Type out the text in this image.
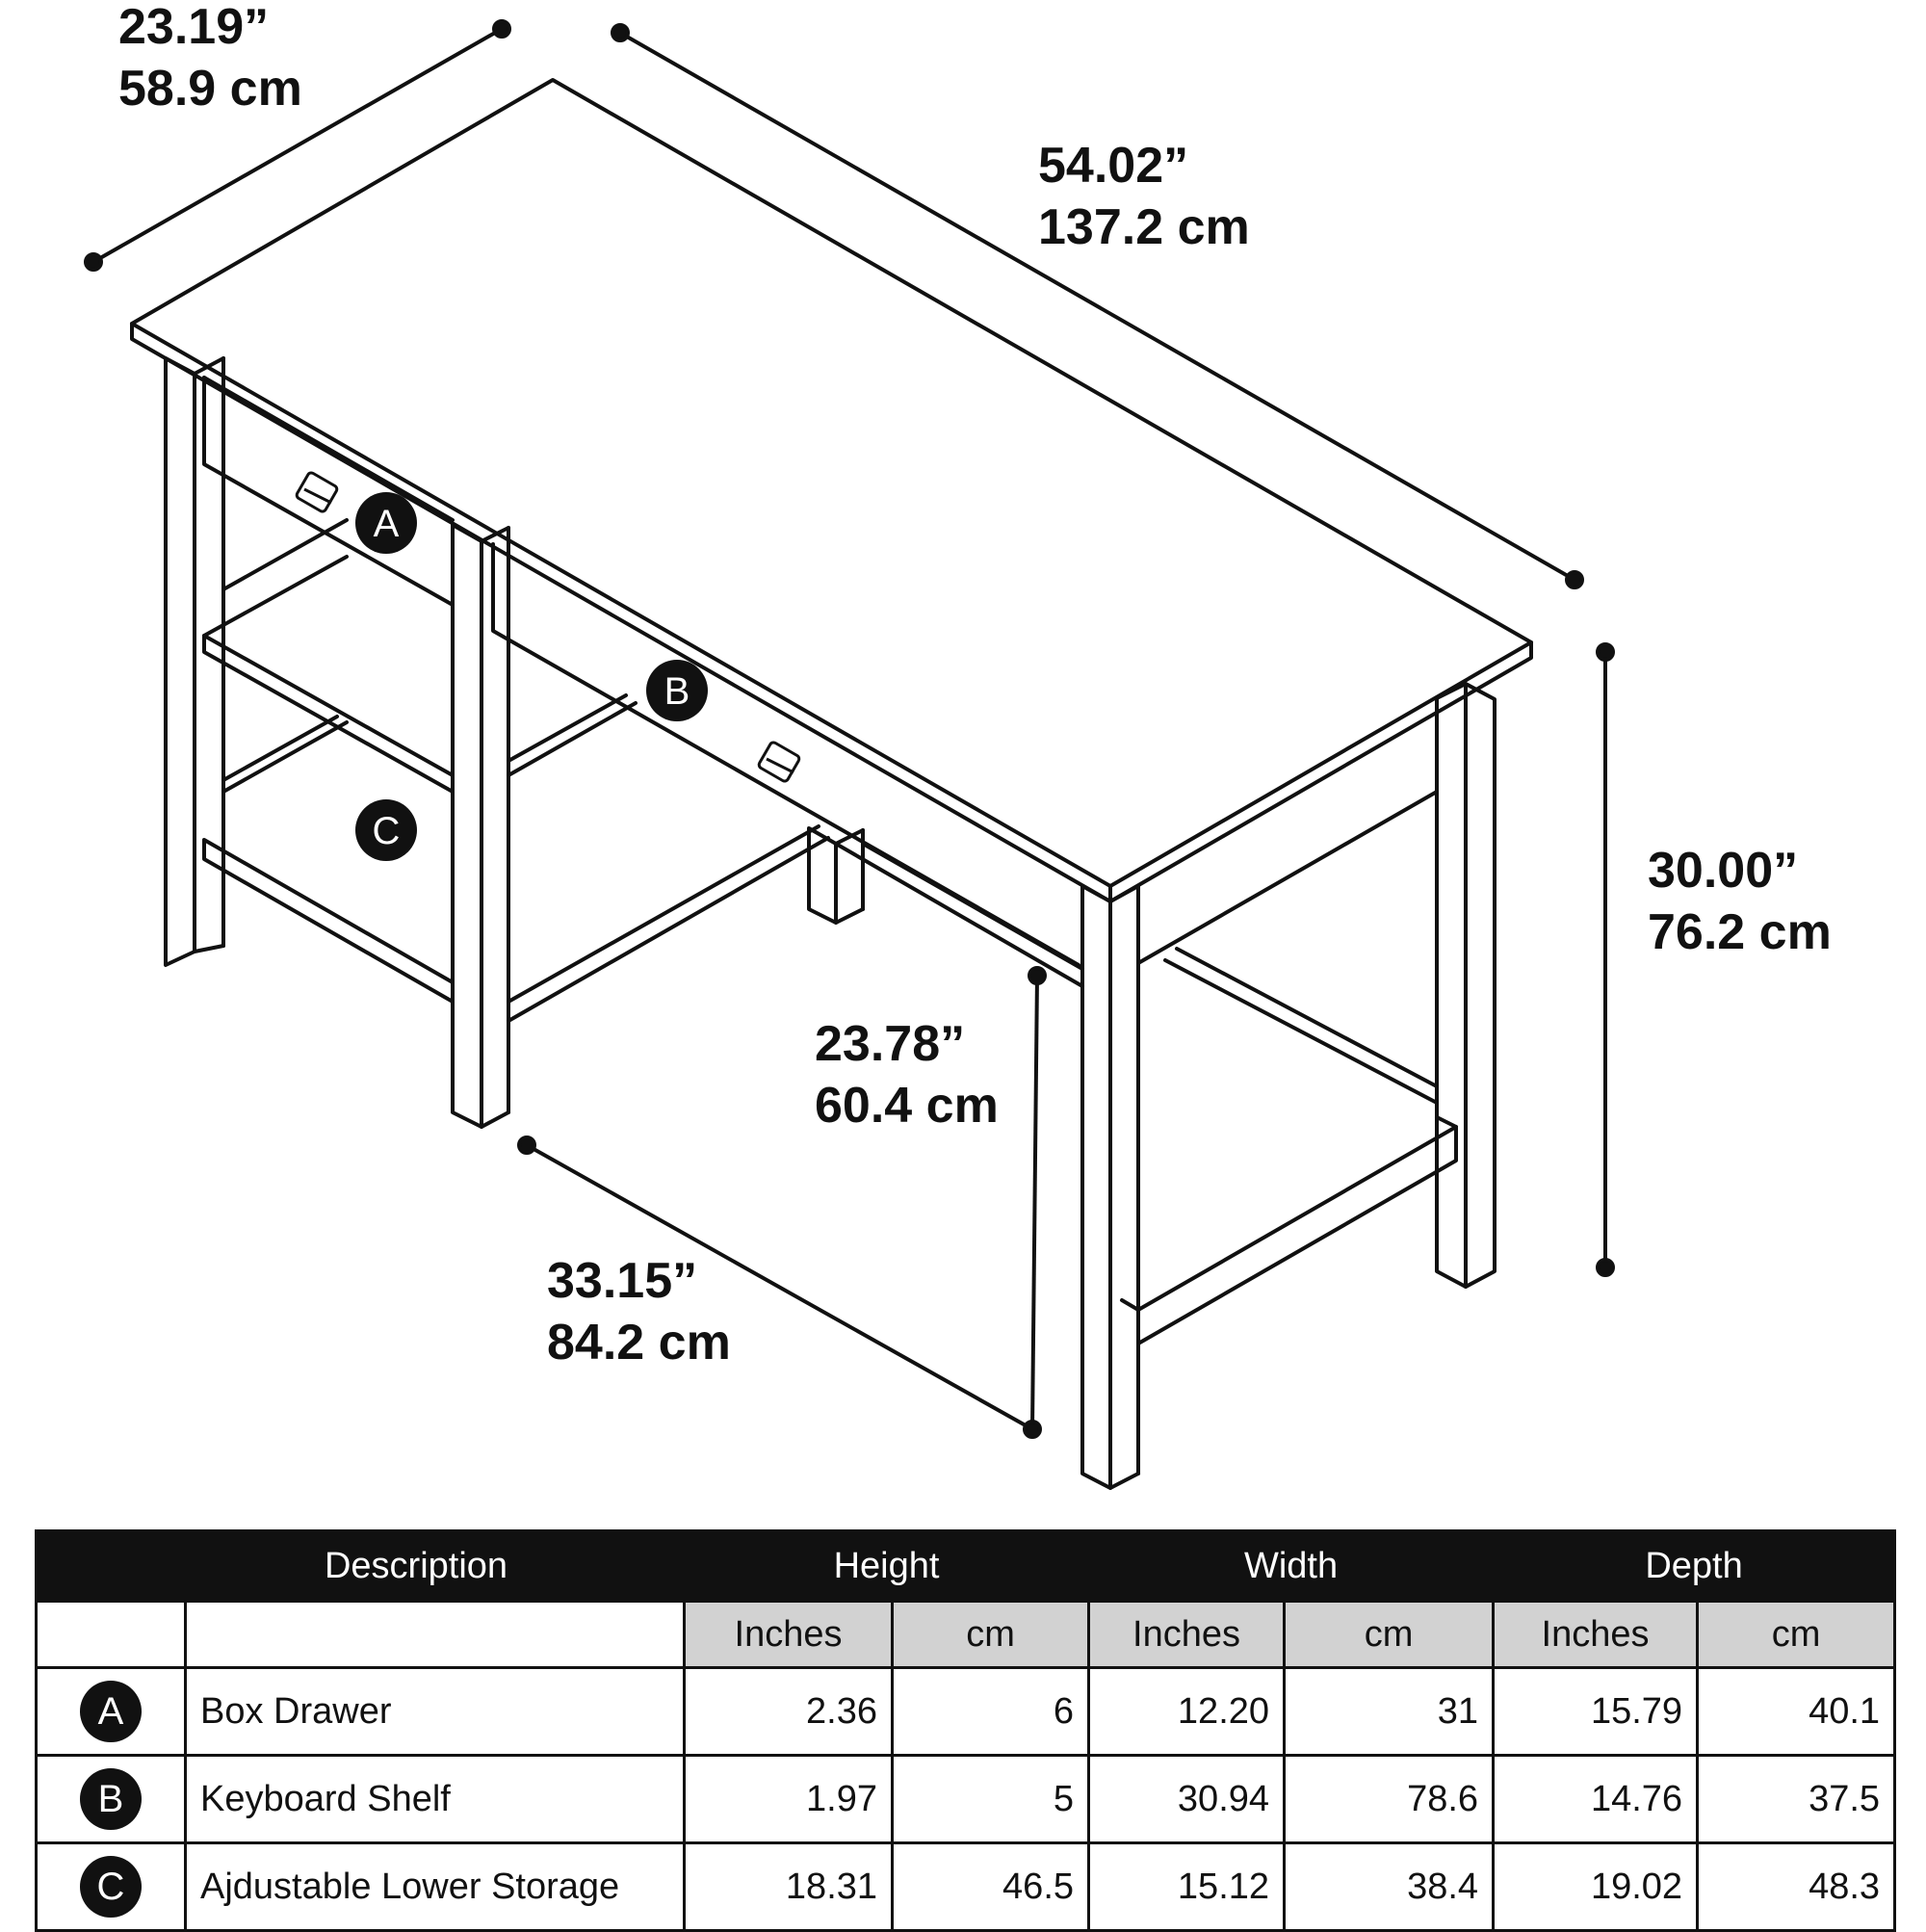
A
B
C
23.19”
58.9 cm
54.02”
137.2 cm
30.00”
76.2 cm
23.78”
60.4 cm
33.15”
84.2 cm
Description		Height		Width		Depth	
		Inches	cm	Inches	cm	Inches	cm
A	Box Drawer	2.36	6	12.20	31	15.79	40.1
B	Keyboard Shelf	1.97	5	30.94	78.6	14.76	37.5
C	Ajdustable Lower Storage	18.31	46.5	15.12	38.4	19.02	48.3
